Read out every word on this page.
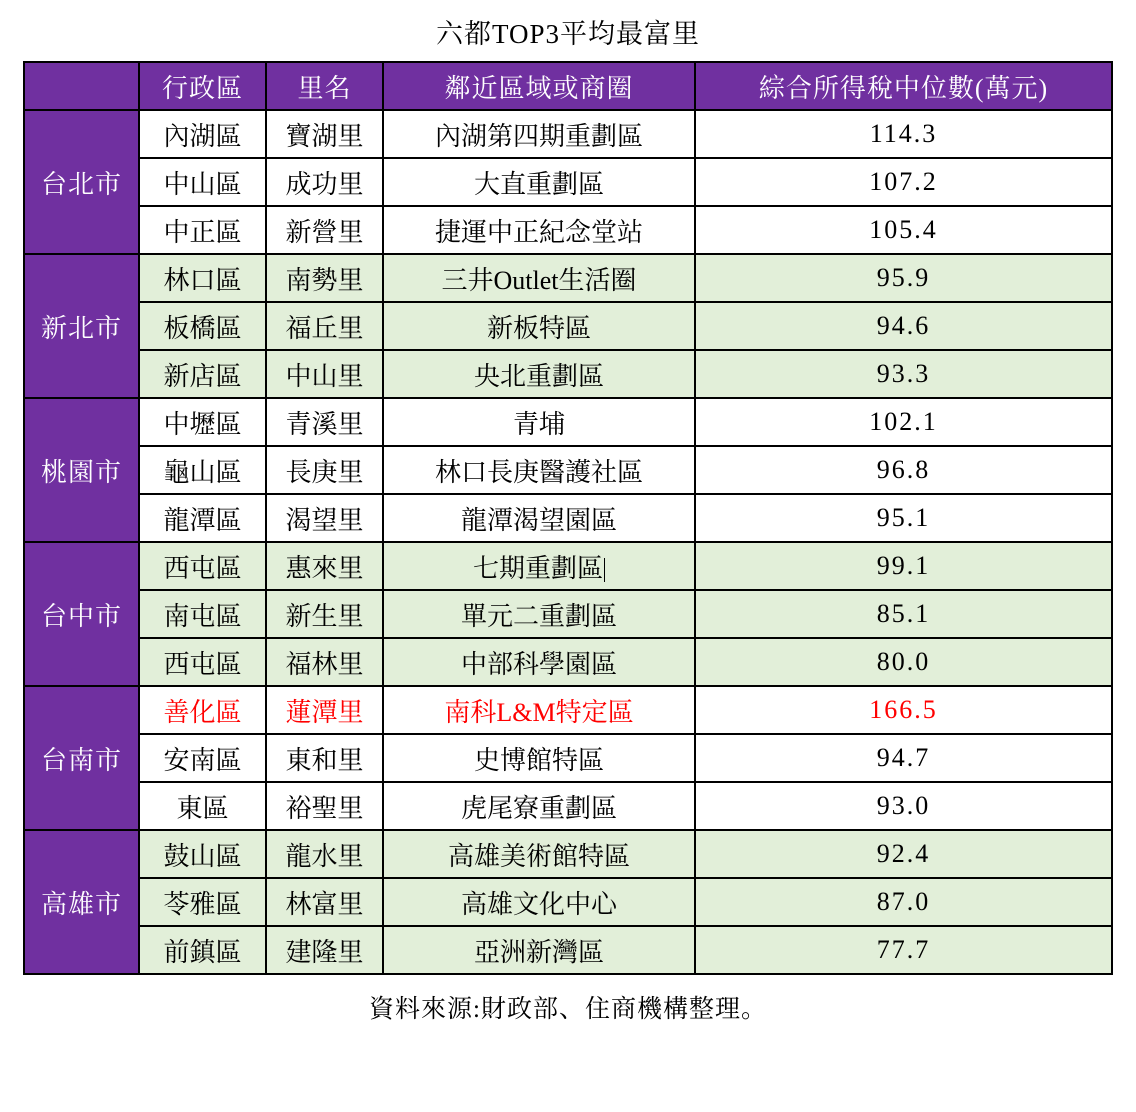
六都TOP3平均最富里
	行政區	里名	鄰近區域或商圈	綜合所得稅中位數(萬元)
台北市	內湖區	寶湖里	內湖第四期重劃區	114.3
	中山區	成功里	大直重劃區	107.2
	中正區	新營里	捷運中正紀念堂站	105.4
新北市	林口區	南勢里	三井Outlet生活圈	95.9
	板橋區	福丘里	新板特區	94.6
	新店區	中山里	央北重劃區	93.3
桃園市	中壢區	青溪里	青埔	102.1
	龜山區	長庚里	林口長庚醫護社區	96.8
	龍潭區	渴望里	龍潭渴望園區	95.1
台中市	西屯區	惠來里	七期重劃區	99.1
	南屯區	新生里	單元二重劃區	85.1
	西屯區	福林里	中部科學園區	80.0
台南市	善化區	蓮潭里	南科L&M特定區	166.5
	安南區	東和里	史博館特區	94.7
	東區	裕聖里	虎尾寮重劃區	93.0
高雄市	鼓山區	龍水里	高雄美術館特區	92.4
	苓雅區	林富里	高雄文化中心	87.0
	前鎮區	建隆里	亞洲新灣區	77.7
資料來源:財政部、住商機構整理。
